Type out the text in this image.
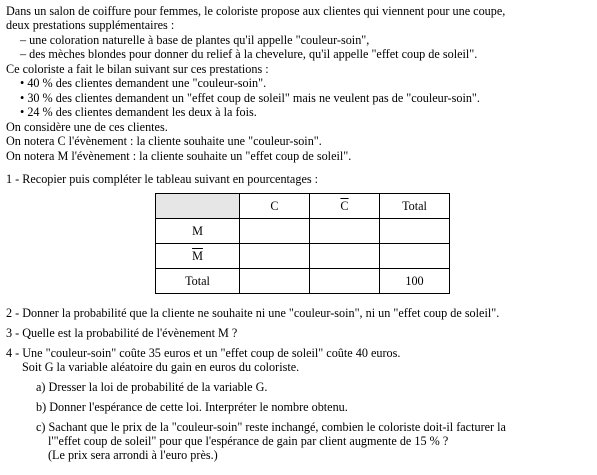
Dans un salon de coiffure pour femmes, le coloriste propose aux clientes qui viennent pour une coupe,
deux prestations supplémentaires :
– une coloration naturelle à base de plantes qu'il appelle "couleur-soin",
– des mèches blondes pour donner du relief à la chevelure, qu'il appelle "effet coup de soleil".
Ce coloriste a fait le bilan suivant sur ces prestations :
• 40 % des clientes demandent une "couleur-soin".
• 30 % des clientes demandent un "effet coup de soleil" mais ne veulent pas de "couleur-soin".
• 24 % des clientes demandent les deux à la fois.
On considère une de ces clientes.
On notera C l'évènement : la cliente souhaite une "couleur-soin".
On notera M l'évènement : la cliente souhaite un "effet coup de soleil".
1 - Recopier puis compléter le tableau suivant en pourcentages :
	C	$\overline{C}$	Total
M			
$\overline{M}$			
Total			100
2 - Donner la probabilité que la cliente ne souhaite ni une "couleur-soin", ni un "effet coup de soleil".
3 - Quelle est la probabilité de l'évènement M ?
4 - Une "couleur-soin" coûte 35 euros et un "effet coup de soleil" coûte 40 euros.
Soit G la variable aléatoire du gain en euros du coloriste.
a) Dresser la loi de probabilité de la variable G.
b) Donner l'espérance de cette loi. Interpréter le nombre obtenu.
c) Sachant que le prix de la "couleur-soin" reste inchangé, combien le coloriste doit-il facturer la
l'"effet coup de soleil" pour que l'espérance de gain par client augmente de 15 % ?
(Le prix sera arrondi à l'euro près.)
